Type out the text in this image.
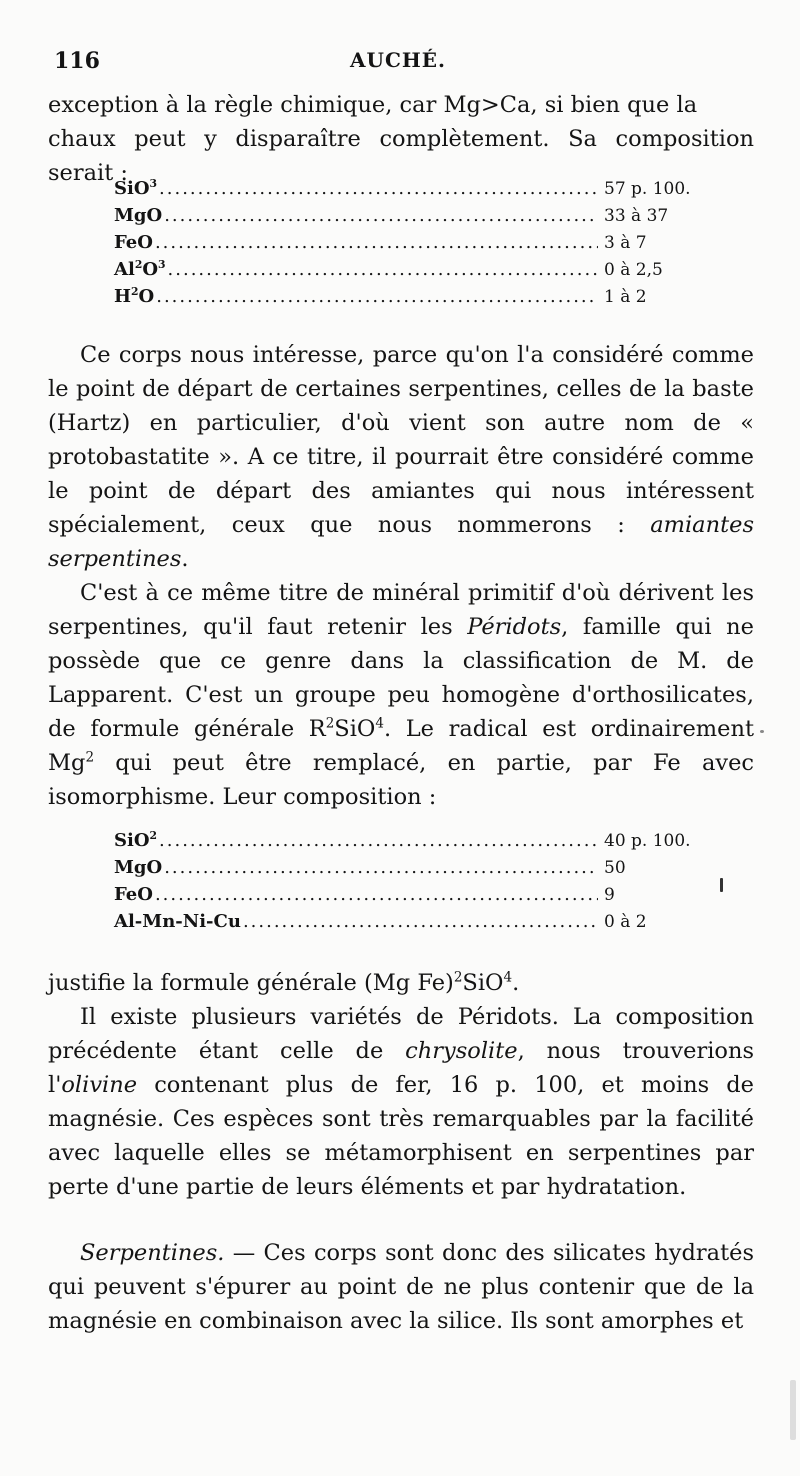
116	AUCHÉ.

exception à la règle chimique, car Mg>Ca, si bien que la
chaux peut y disparaître complètement. Sa composition serait :

SiO$^3$ .....	57 p. 100.
MgO .....	33 à 37
FeO .....	3 à 7
$Al^2O^3$ .....	0 à 2,5
$H^2O$ .....	1 à 2

Ce corps nous intéresse, parce qu'on l'a considéré comme le point de départ de certaines serpentines, celles de la baste (Hartz) en particulier, d'où vient son autre nom de « protobastatite ». A ce titre, il pourrait être considéré comme le point de départ des amiantes qui nous intéressent spécialement, ceux que nous nommerons : amiantes serpentines.

C'est à ce même titre de minéral primitif d'où dérivent les serpentines, qu'il faut retenir les Péridots, famille qui ne possède que ce genre dans la classification de M. de Lapparent. C'est un groupe peu homogène d'orthosilicates, de formule générale $R^2SiO^4$. Le radical est ordinairement Mg$^2$ qui peut être remplacé, en partie, par Fe avec isomorphisme. Leur composition :

SiO$^2$ .....	40 p. 100.
MgO .....	50
FeO .....	9
Al-Mn-Ni-Cu .....	0 à 2

justifie la formule générale (Mg Fe)$^2$SiO$^4$.

Il existe plusieurs variétés de Péridots. La composition précédente étant celle de chrysolite, nous trouverions l'olivine contenant plus de fer, 16 p. 100, et moins de magnésie. Ces espèces sont très remarquables par la facilité avec laquelle elles se métamorphisent en serpentines par perte d'une partie de leurs éléments et par hydratation.

Serpentines. — Ces corps sont donc des silicates hydratés qui peuvent s'épurer au point de ne plus contenir que de la magnésie en combinaison avec la silice. Ils sont amorphes et
